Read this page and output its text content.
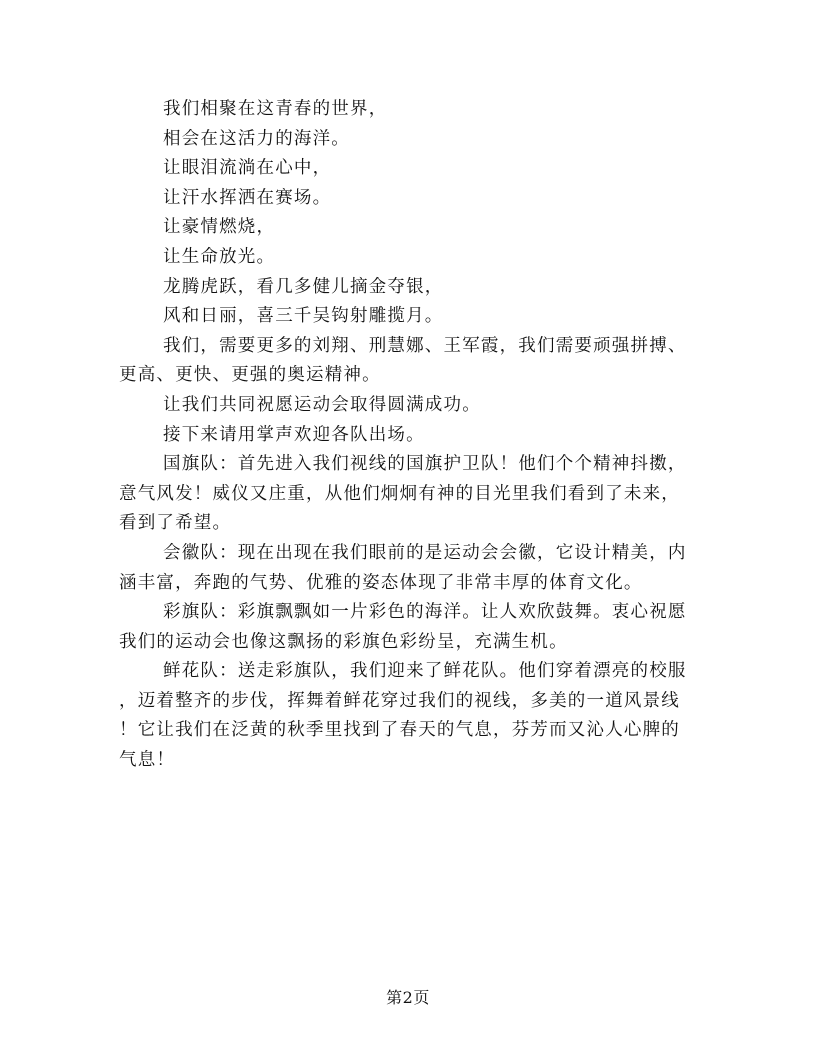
我们相聚在这青春的世界，

相会在这活力的海洋。

让眼泪流淌在心中，

让汗水挥洒在赛场。

让豪情燃烧，

让生命放光。

龙腾虎跃，看几多健儿摘金夺银，

风和日丽，喜三千吴钩射雕揽月。

我们，需要更多的刘翔、刑慧娜、王军霞，我们需要顽强拼搏、
更高、更快、更强的奥运精神。
让我们共同祝愿运动会取得圆满成功。
接下来请用掌声欢迎各队出场。
国旗队：首先进入我们视线的国旗护卫队！他们个个精神抖擞，
意气风发！威仪又庄重，从他们炯炯有神的目光里我们看到了未来，
看到了希望。
会徽队：现在出现在我们眼前的是运动会会徽，它设计精美，内
涵丰富，奔跑的气势、优雅的姿态体现了非常丰厚的体育文化。
彩旗队：彩旗飘飘如一片彩色的海洋。让人欢欣鼓舞。衷心祝愿
我们的运动会也像这飘扬的彩旗色彩纷呈，充满生机。
鲜花队：送走彩旗队，我们迎来了鲜花队。他们穿着漂亮的校服
，迈着整齐的步伐，挥舞着鲜花穿过我们的视线，多美的一道风景线
！它让我们在泛黄的秋季里找到了春天的气息，芬芳而又沁人心脾的
气息！
第2页
